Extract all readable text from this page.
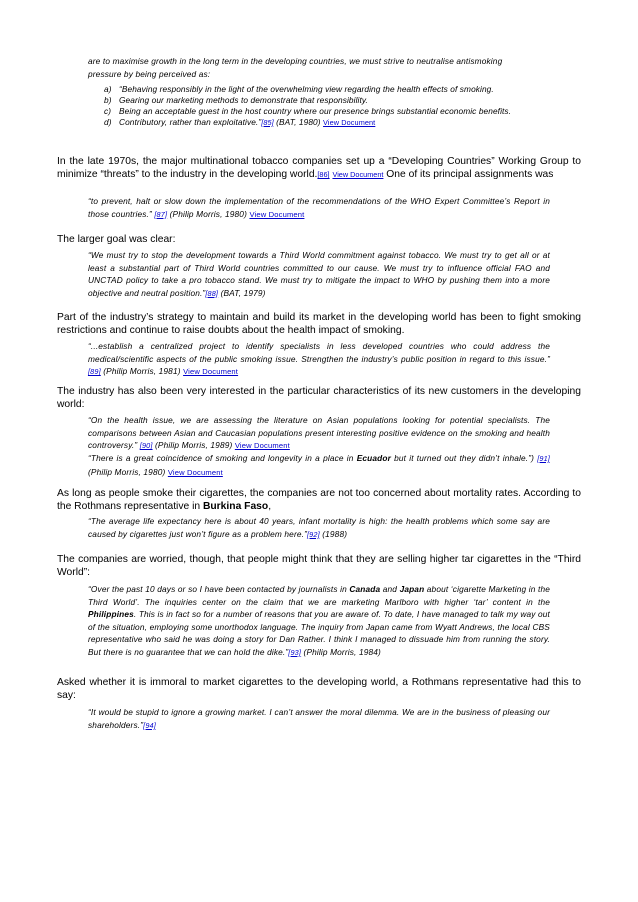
are to maximise growth in the long term in the developing countries, we must strive to neutralise antismoking

pressure by being perceived as:

a) “Behaving responsibly in the light of the overwhelming view regarding the health effects of smoking.
b) Gearing our marketing methods to demonstrate that responsibility.
c) Being an acceptable guest in the host country where our presence brings substantial economic benefits.
d) Contributory, rather than exploitative.”[85] (BAT, 1980) View Document

In the late 1970s, the major multinational tobacco companies set up a “Developing Countries” Working Group to minimize “threats” to the industry in the developing world.[86] View Document One of its principal assignments was

“to prevent, halt or slow down the implementation of the recommendations of the WHO Expert Committee’s Report in those countries.” [87] (Philip Morris, 1980) View Document

The larger goal was clear:

“We must try to stop the development towards a Third World commitment against tobacco. We must try to get all or at least a substantial part of Third World countries committed to our cause. We must try to influence official FAO and UNCTAD policy to take a pro tobacco stand. We must try to mitigate the impact to WHO by pushing them into a more objective and neutral position.”[88] (BAT, 1979)

Part of the industry’s strategy to maintain and build its market in the developing world has been to fight smoking restrictions and continue to raise doubts about the health impact of smoking.

“...establish a centralized project to identify specialists in less developed countries who could address the medical/scientific aspects of the public smoking issue. Strengthen the industry’s public position in regard to this issue.” [89] (Philip Morris, 1981) View Document

The industry has also been very interested in the particular characteristics of its new customers in the developing world:

“On the health issue, we are assessing the literature on Asian populations looking for potential specialists. The comparisons between Asian and Caucasian populations present interesting positive evidence on the smoking and health controversy.” [90] (Philip Morris, 1989) View Document

“There is a great coincidence of smoking and longevity in a place in Ecuador but it turned out they didn’t inhale.”) [91] (Philip Morris, 1980) View Document

As long as people smoke their cigarettes, the companies are not too concerned about mortality rates. According to the Rothmans representative in Burkina Faso,

“The average life expectancy here is about 40 years, infant mortality is high: the health problems which some say are caused by cigarettes just won’t figure as a problem here.”[92] (1988)

The companies are worried, though, that people might think that they are selling higher tar cigarettes in the “Third World”:

“Over the past 10 days or so I have been contacted by journalists in Canada and Japan about ‘cigarette Marketing in the Third World’. The inquiries center on the claim that we are marketing Marlboro with higher ‘tar’ content in the Philippines. This is in fact so for a number of reasons that you are aware of. To date, I have managed to talk my way out of the situation, employing some unorthodox language. The inquiry from Japan came from Wyatt Andrews, the local CBS representative who said he was doing a story for Dan Rather. I think I managed to dissuade him from running the story. But there is no guarantee that we can hold the dike.”[93] (Philip Morris, 1984)

Asked whether it is immoral to market cigarettes to the developing world, a Rothmans representative had this to say:

“It would be stupid to ignore a growing market. I can’t answer the moral dilemma. We are in the business of pleasing our shareholders.”[94]
